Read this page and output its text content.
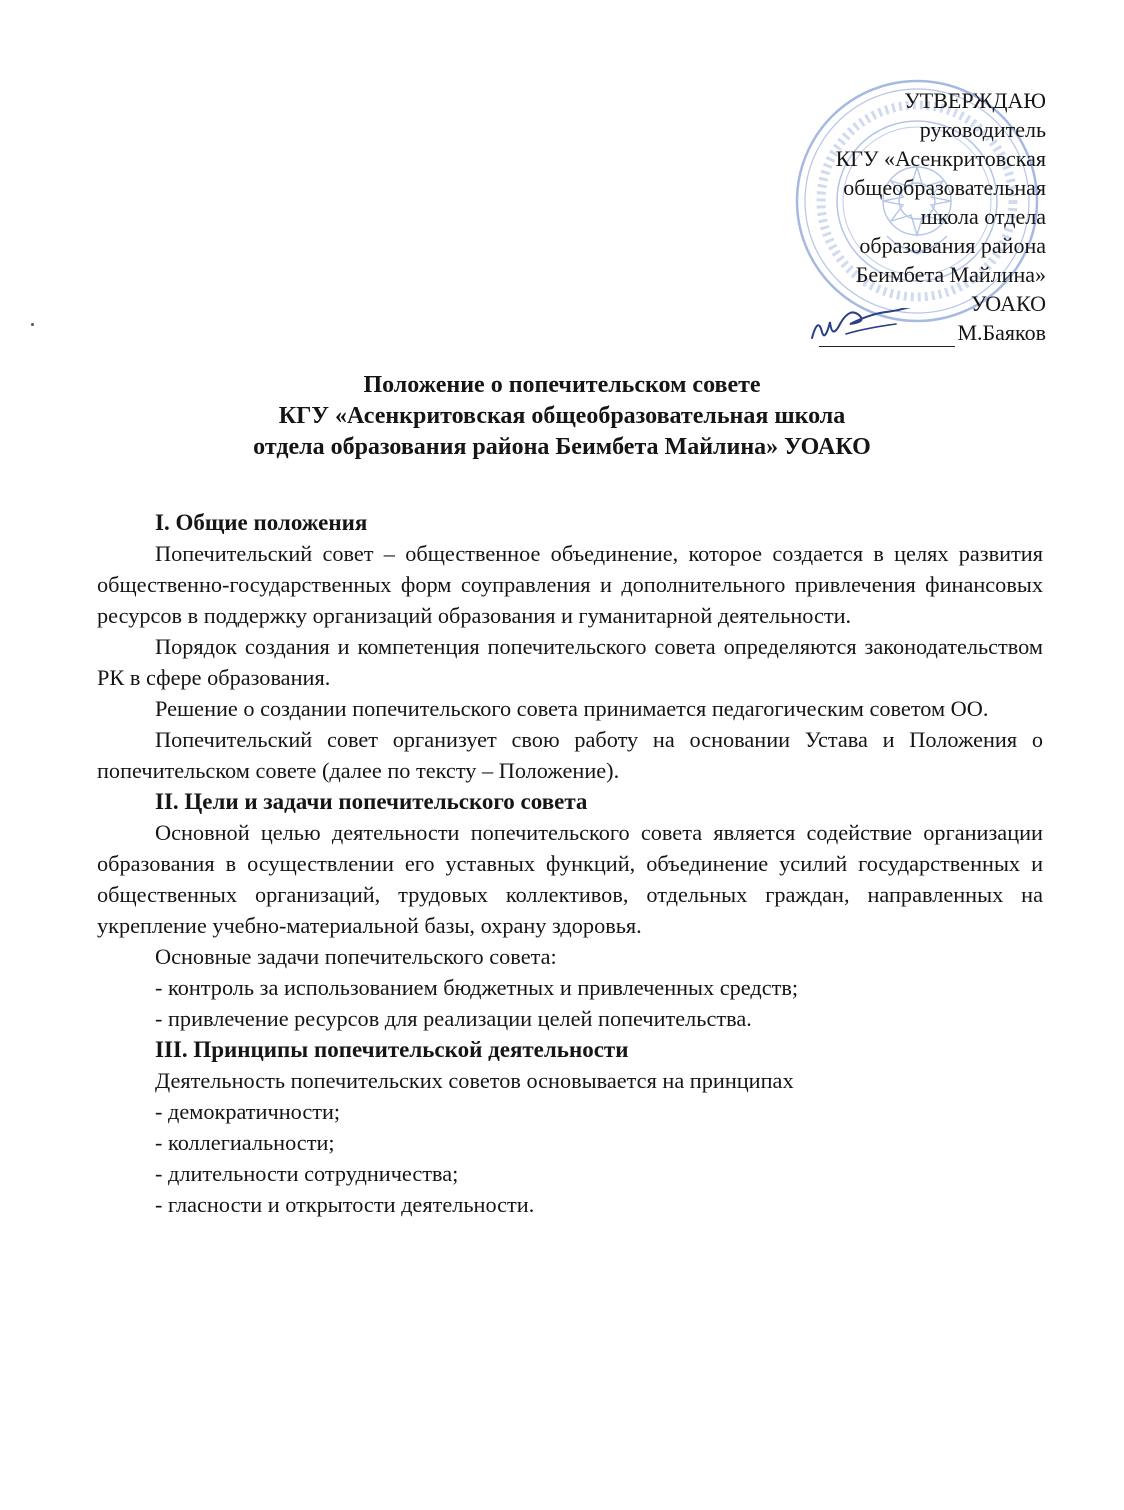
УТВЕРЖДАЮ
руководитель
КГУ «Асенкритовская
общеобразовательная
школа отдела
образования района
Беимбета Майлина»
УОАКО
М.Баяков
Положение о попечительском совете
КГУ «Асенкритовская общеобразовательная школа
отдела образования района Беимбета Майлина» УОАКО

I. Общие положения

Попечительский совет – общественное объединение, которое создается в целях развития общественно-государственных форм соуправления и дополнительного привлечения финансовых ресурсов в поддержку организаций образования и гуманитарной деятельности.

Порядок создания и компетенция попечительского совета определяются законодательством РК в сфере образования.

Решение о создании попечительского совета принимается педагогическим советом ОО.

Попечительский совет организует свою работу на основании Устава и Положения о попечительском совете (далее по тексту – Положение).

II. Цели и задачи попечительского совета

Основной целью деятельности попечительского совета является содействие организации образования в осуществлении его уставных функций, объединение усилий государственных и общественных организаций, трудовых коллективов, отдельных граждан, направленных на укрепление учебно-материальной базы, охрану здоровья.

Основные задачи попечительского совета:

- контроль за использованием бюджетных и привлеченных средств;

- привлечение ресурсов для реализации целей попечительства.

III. Принципы попечительской деятельности

Деятельность попечительских советов основывается на принципах

- демократичности;

- коллегиальности;

- длительности сотрудничества;

- гласности и открытости деятельности.
